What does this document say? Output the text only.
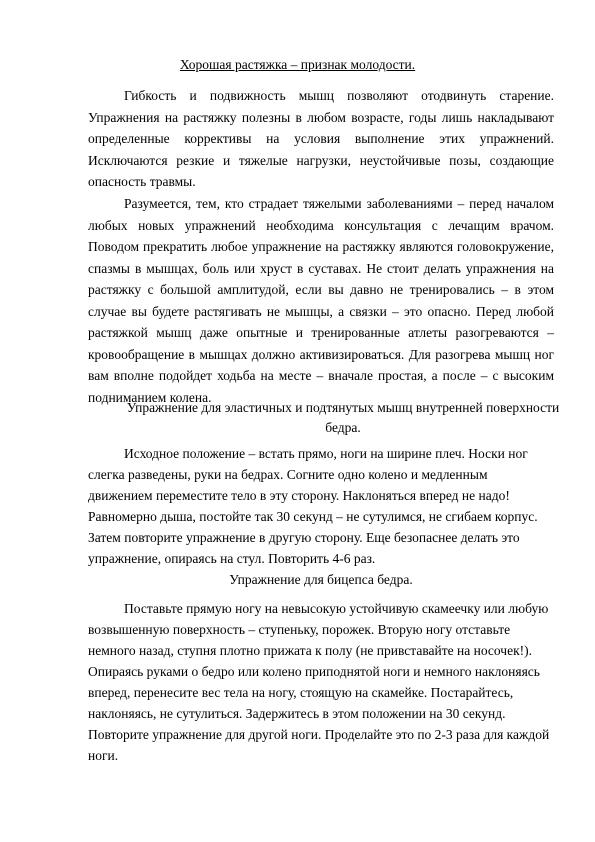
Хорошая растяжка – признак молодости.

Гибкость и подвижность мышц позволяют отодвинуть старение. Упражнения на растяжку полезны в любом возрасте, годы лишь накладывают определенные коррективы на условия выполнение этих упражнений. Исключаются резкие и тяжелые нагрузки, неустойчивые позы, создающие опасность травмы.

Разумеется, тем, кто страдает тяжелыми заболеваниями – перед началом любых новых упражнений необходима консультация с лечащим врачом. Поводом прекратить любое упражнение на растяжку являются головокружение, спазмы в мышцах, боль или хруст в суставах. Не стоит делать упражнения на растяжку с большой амплитудой, если вы давно не тренировались – в этом случае вы будете растягивать не мышцы, а связки – это опасно. Перед любой растяжкой мышц даже опытные и тренированные атлеты разогреваются – кровообращение в мышцах должно активизироваться. Для разогрева мышц ног вам вполне подойдет ходьба на месте – вначале простая, а после – с высоким подниманием колена.

Упражнение для эластичных и подтянутых мышц внутренней поверхности бедра.

Исходное положение – встать прямо, ноги на ширине плеч. Носки ног слегка разведены, руки на бедрах. Согните одно колено и медленным движением переместите тело в эту сторону. Наклоняться вперед не надо! Равномерно дыша, постойте так 30 секунд – не сутулимся, не сгибаем корпус. Затем повторите упражнение в другую сторону. Еще безопаснее делать это упражнение, опираясь на стул. Повторить 4-6 раз.

Упражнение для бицепса бедра.

Поставьте прямую ногу на невысокую устойчивую скамеечку или любую возвышенную поверхность – ступеньку, порожек. Вторую ногу отставьте немного назад, ступня плотно прижата к полу (не привставайте на носочек!). Опираясь руками о бедро или колено приподнятой ноги и немного наклоняясь вперед, перенесите вес тела на ногу, стоящую на скамейке. Постарайтесь, наклоняясь, не сутулиться. Задержитесь в этом положении на 30 секунд. Повторите упражнение для другой ноги. Проделайте это по 2-3 раза для каждой ноги.
